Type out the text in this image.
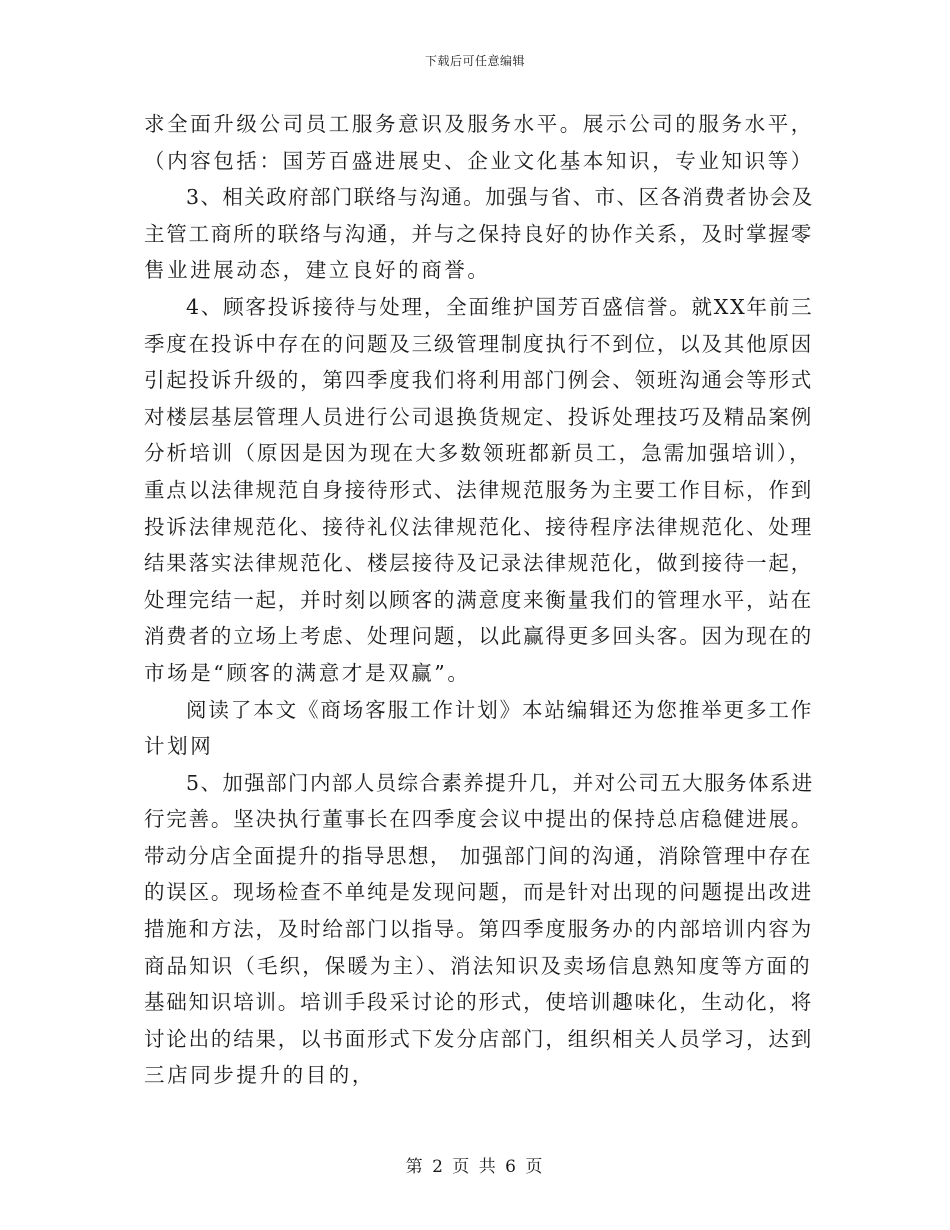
下载后可任意编辑
求全面升级公司员工服务意识及服务水平。展示公司的服务水平，
（内容包括：国芳百盛进展史、企业文化基本知识，专业知识等）
3、相关政府部门联络与沟通。加强与省、市、区各消费者协会及
主管工商所的联络与沟通，并与之保持良好的协作关系，及时掌握零
售业进展动态，建立良好的商誉。
4、顾客投诉接待与处理，全面维护国芳百盛信誉。就XX年前三
季度在投诉中存在的问题及三级管理制度执行不到位，以及其他原因
引起投诉升级的，第四季度我们将利用部门例会、领班沟通会等形式
对楼层基层管理人员进行公司退换货规定、投诉处理技巧及精品案例
分析培训（原因是因为现在大多数领班都新员工，急需加强培训），
重点以法律规范自身接待形式、法律规范服务为主要工作目标，作到
投诉法律规范化、接待礼仪法律规范化、接待程序法律规范化、处理
结果落实法律规范化、楼层接待及记录法律规范化，做到接待一起，
处理完结一起，并时刻以顾客的满意度来衡量我们的管理水平，站在
消费者的立场上考虑、处理问题，以此赢得更多回头客。因为现在的
市场是“顾客的满意才是双赢”。
阅读了本文《商场客服工作计划》本站编辑还为您推举更多工作
计划网
5、加强部门内部人员综合素养提升几，并对公司五大服务体系进
行完善。坚决执行董事长在四季度会议中提出的保持总店稳健进展。
带动分店全面提升的指导思想， 加强部门间的沟通，消除管理中存在
的误区。现场检查不单纯是发现问题，而是针对出现的问题提出改进
措施和方法，及时给部门以指导。第四季度服务办的内部培训内容为
商品知识（毛织，保暖为主）、消法知识及卖场信息熟知度等方面的
基础知识培训。培训手段采讨论的形式，使培训趣味化，生动化，将
讨论出的结果，以书面形式下发分店部门，组织相关人员学习，达到
三店同步提升的目的，
第 2 页 共 6 页
